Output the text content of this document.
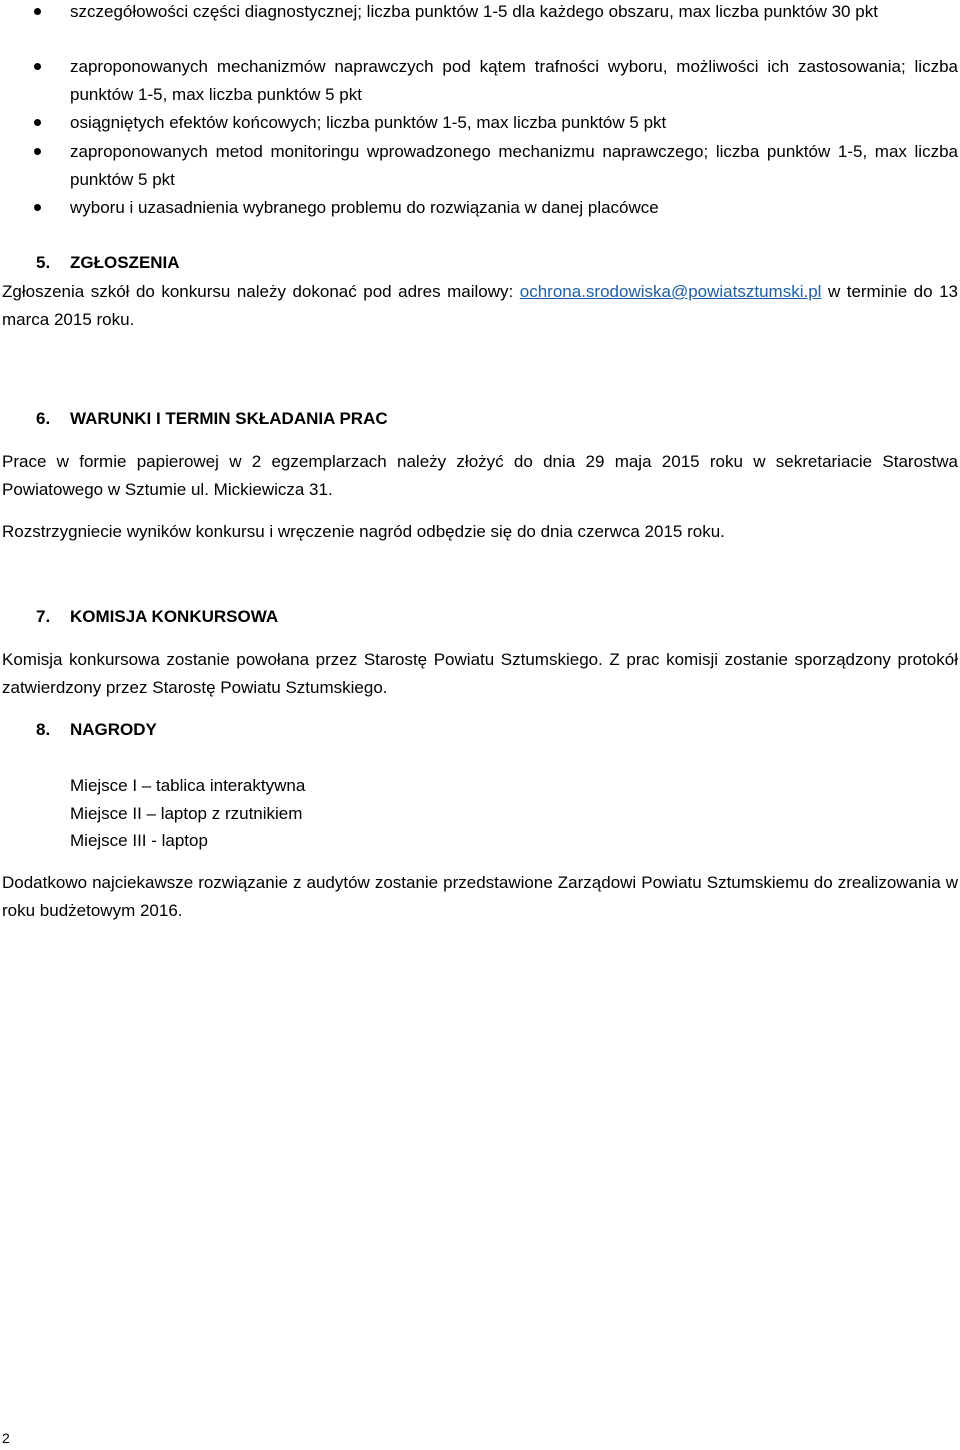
szczegółowości części diagnostycznej; liczba punktów 1-5 dla każdego obszaru, max liczba punktów 30 pkt
zaproponowanych mechanizmów naprawczych pod kątem trafności wyboru, możliwości ich zastosowania; liczba punktów 1-5, max liczba punktów 5 pkt
osiągniętych efektów końcowych; liczba punktów 1-5, max liczba punktów 5 pkt
zaproponowanych metod monitoringu wprowadzonego mechanizmu naprawczego; liczba punktów 1-5, max liczba punktów 5 pkt
wyboru i uzasadnienia wybranego problemu do rozwiązania w danej placówce
5. ZGŁOSZENIA

Zgłoszenia szkół do konkursu należy dokonać pod adres mailowy: ochrona.srodowiska@powiatsztumski.pl w terminie do 13 marca 2015 roku.

6. WARUNKI I TERMIN SKŁADANIA PRAC

Prace w formie papierowej w 2 egzemplarzach należy złożyć do dnia 29 maja 2015 roku w sekretariacie Starostwa Powiatowego w Sztumie ul. Mickiewicza 31.

Rozstrzygniecie wyników konkursu i wręczenie nagród odbędzie się do dnia czerwca 2015 roku.

7. KOMISJA KONKURSOWA

Komisja konkursowa zostanie powołana przez Starostę Powiatu Sztumskiego. Z prac komisji zostanie sporządzony protokół zatwierdzony przez Starostę Powiatu Sztumskiego.

8. NAGRODY
Miejsce I – tablica interaktywna
Miejsce II – laptop z rzutnikiem
Miejsce III - laptop

Dodatkowo najciekawsze rozwiązanie z audytów zostanie przedstawione Zarządowi Powiatu Sztumskiemu do zrealizowania w roku budżetowym 2016.

2
